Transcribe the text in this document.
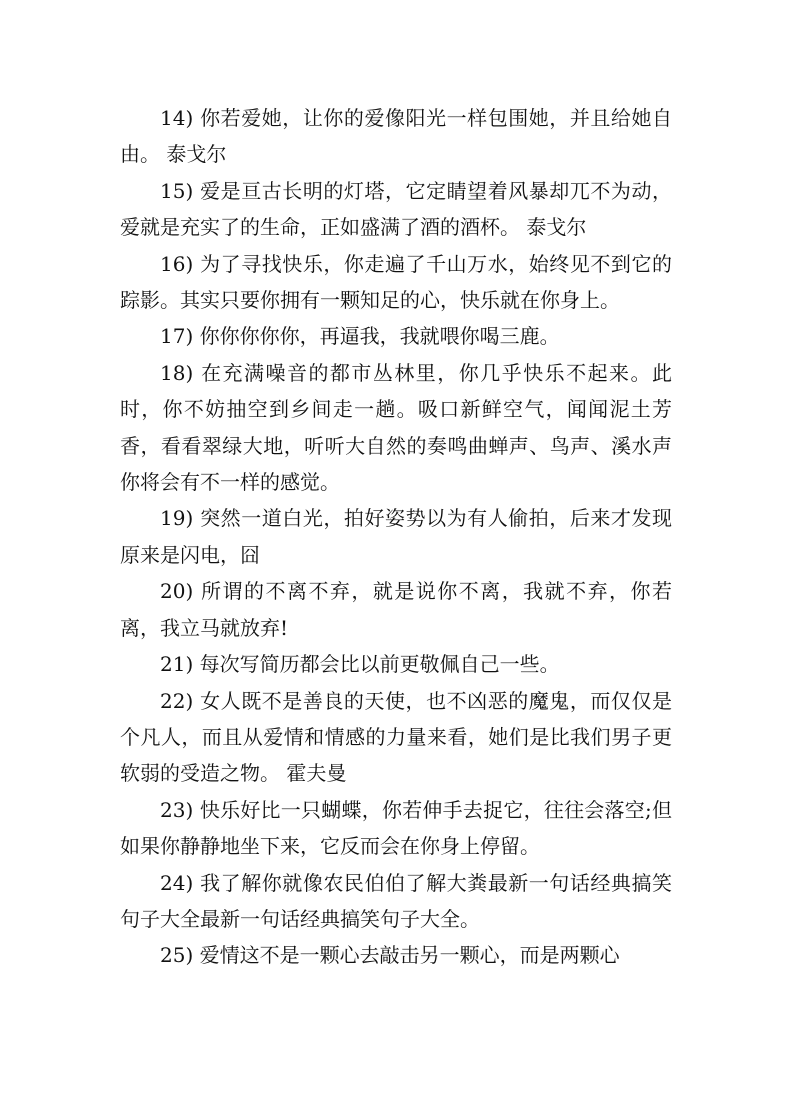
14) 你若爱她，让你的爱像阳光一样包围她，并且给她自由。 泰戈尔

15) 爱是亘古长明的灯塔，它定睛望着风暴却兀不为动，爱就是充实了的生命，正如盛满了酒的酒杯。 泰戈尔

16) 为了寻找快乐，你走遍了千山万水，始终见不到它的踪影。其实只要你拥有一颗知足的心，快乐就在你身上。

17) 你你你你你，再逼我，我就喂你喝三鹿。

18) 在充满噪音的都市丛林里，你几乎快乐不起来。此时，你不妨抽空到乡间走一趟。吸口新鲜空气，闻闻泥土芳香，看看翠绿大地，听听大自然的奏鸣曲蝉声、鸟声、溪水声你将会有不一样的感觉。

19) 突然一道白光，拍好姿势以为有人偷拍，后来才发现原来是闪电，囧

20) 所谓的不离不弃，就是说你不离，我就不弃，你若离，我立马就放弃!

21) 每次写简历都会比以前更敬佩自己一些。

22) 女人既不是善良的天使，也不凶恶的魔鬼，而仅仅是个凡人，而且从爱情和情感的力量来看，她们是比我们男子更软弱的受造之物。 霍夫曼

23) 快乐好比一只蝴蝶，你若伸手去捉它，往往会落空;但如果你静静地坐下来，它反而会在你身上停留。

24) 我了解你就像农民伯伯了解大粪最新一句话经典搞笑句子大全最新一句话经典搞笑句子大全。

25) 爱情这不是一颗心去敲击另一颗心，而是两颗心
